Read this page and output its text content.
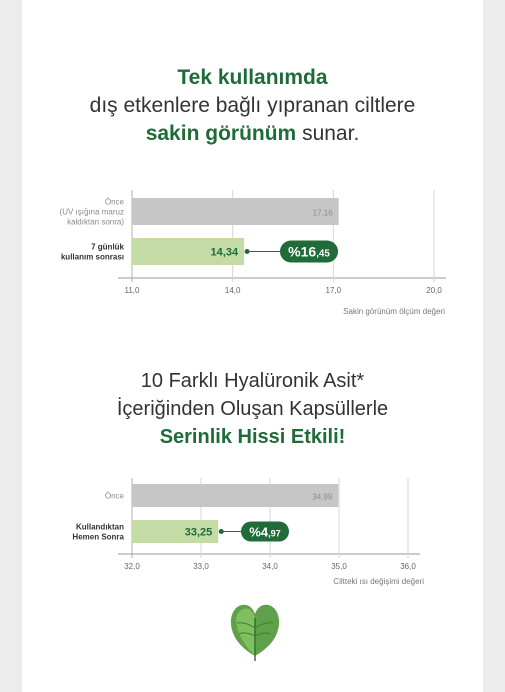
Tek kullanımda
dış etkenlere bağlı yıpranan ciltlere
sakin görünüm sunar.
17,16
Önce
(UV ışığına maruz
kaldıktan sonra)
14,34
7 günlük
kullanım sonrası
11,0	14,0	17,0	20,0
Sakin görünüm ölçüm değeri
%16,45
10 Farklı Hyalüronik Asit*
İçeriğinden Oluşan Kapsüllerle
Serinlik Hissi Etkili!
34,99
Önce
33,25
Kullandıktan
Hemen Sonra
32,0	33,0	34,0	35,0	36,0
Ciltteki ısı değişimi değeri
%4,97
